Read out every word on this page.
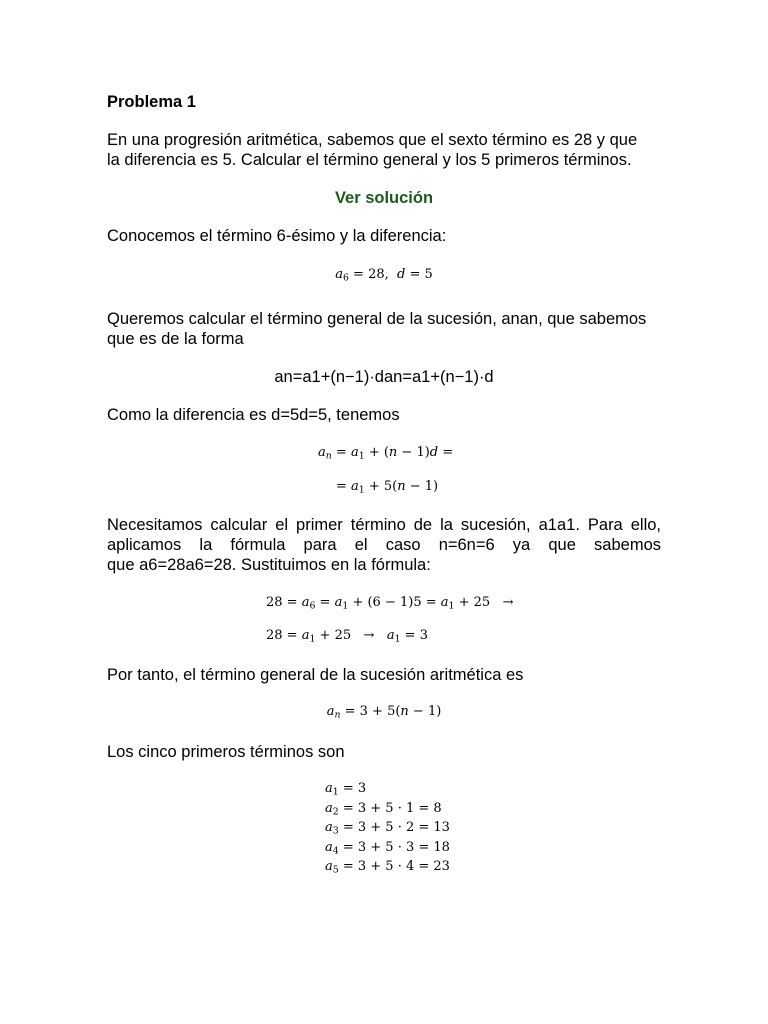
Problema 1
En una progresión aritmética, sabemos que el sexto término es 28 y que
la diferencia es 5. Calcular el término general y los 5 primeros términos.
Ver solución
Conocemos el término 6-ésimo y la diferencia:
$a_6 = 28$,  d = 5
Queremos calcular el término general de la sucesión, anan, que sabemos
que es de la forma
an=a1+(n−1)·dan=a1+(n−1)·d
Como la diferencia es d=5d=5, tenemos
$a_n = a_1 + (n - 1)d$ =
= $a_1 + 5(n - 1)$
Necesitamos calcular el primer término de la sucesión, a1a1. Para ello,
aplicamos la fórmula para el caso n=6n=6 ya que sabemos
que a6=28a6=28. Sustituimos en la fórmula:
$28 = a_6 = a_1 + (6 - 1)5 = a_1 + 25$   →
$28 = a_1 + 25 \to a_1 = 3$
Por tanto, el término general de la sucesión aritmética es
$a_n = 3 + 5(n - 1)$
Los cinco primeros términos son
$a_1 = 3$
$a_2 = 3 + 5 \cdot 1 = 8$
$a_3 = 3 + 5 \cdot 2 = 13$
$a_4 = 3 + 5 \cdot 3 = 18$
$a_5 = 3 + 5 \cdot 4 = 23$
